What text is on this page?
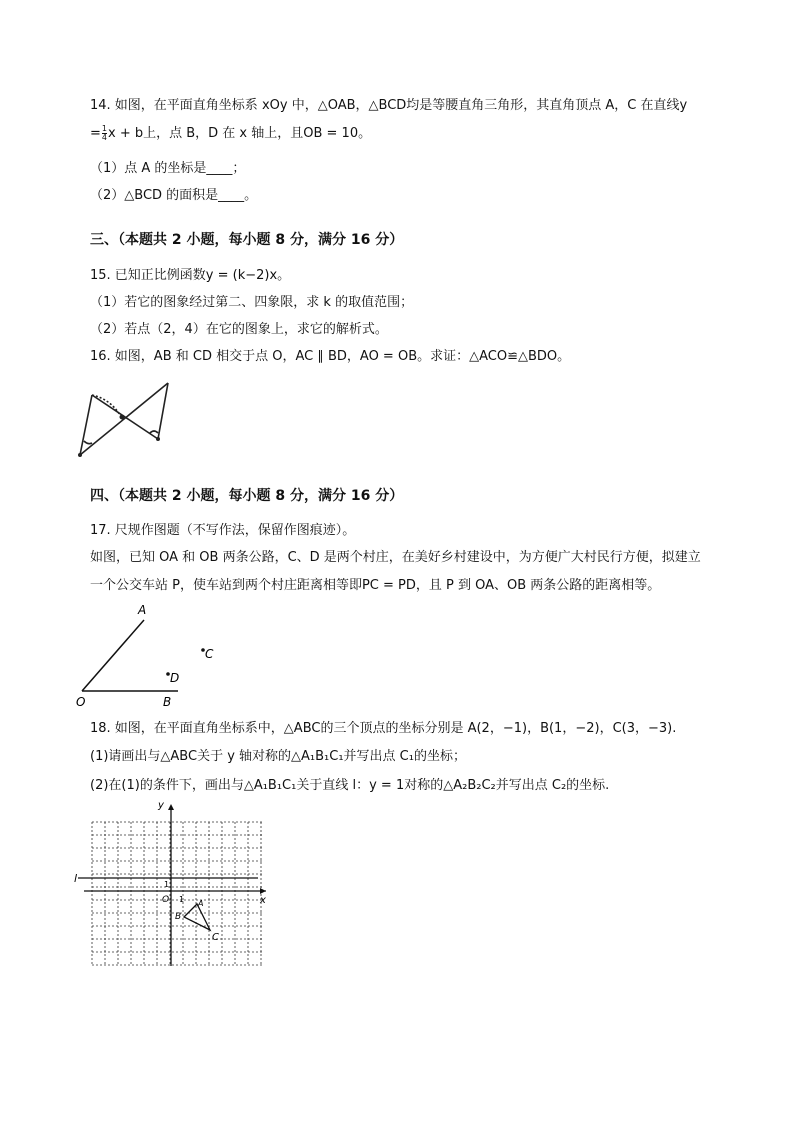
14. 如图，在平面直角坐标系 xOy 中，△OAB，△BCD均是等腰直角三角形，其直角顶点 A，C 在直线y
= $\frac{1}{4}$ x + b上，点 B，D 在 x 轴上，且OB = 10。
（1）点 A 的坐标是____；
（2）△BCD 的面积是____。
三、（本题共 2 小题，每小题 8 分，满分 16 分）
15. 已知正比例函数y = (k−2)x。
（1）若它的图象经过第二、四象限，求 k 的取值范围；
（2）若点（2，4）在它的图象上，求它的解析式。
16. 如图，AB 和 CD 相交于点 O，AC ∥ BD，AO = OB。求证：△ACO≌△BDO。
四、（本题共 2 小题，每小题 8 分，满分 16 分）
17. 尺规作图题（不写作法，保留作图痕迹）。
如图，已知 OA 和 OB 两条公路，C、D 是两个村庄，在美好乡村建设中，为方便广大村民行方便，拟建立
一个公交车站 P，使车站到两个村庄距离相等即PC = PD，且 P 到 OA、OB 两条公路的距离相等。
A
O	B
C
D
18. 如图，在平面直角坐标系中，△ABC的三个顶点的坐标分别是 A(2，−1)，B(1，−2)，C(3，−3).
(1)请画出与△ABC关于 y 轴对称的△A₁B₁C₁并写出点 C₁的坐标；
(2)在(1)的条件下，画出与△A₁B₁C₁关于直线 l：y = 1对称的△A₂B₂C₂并写出点 C₂的坐标.
y
x
l
O
1
1 A
B
C
